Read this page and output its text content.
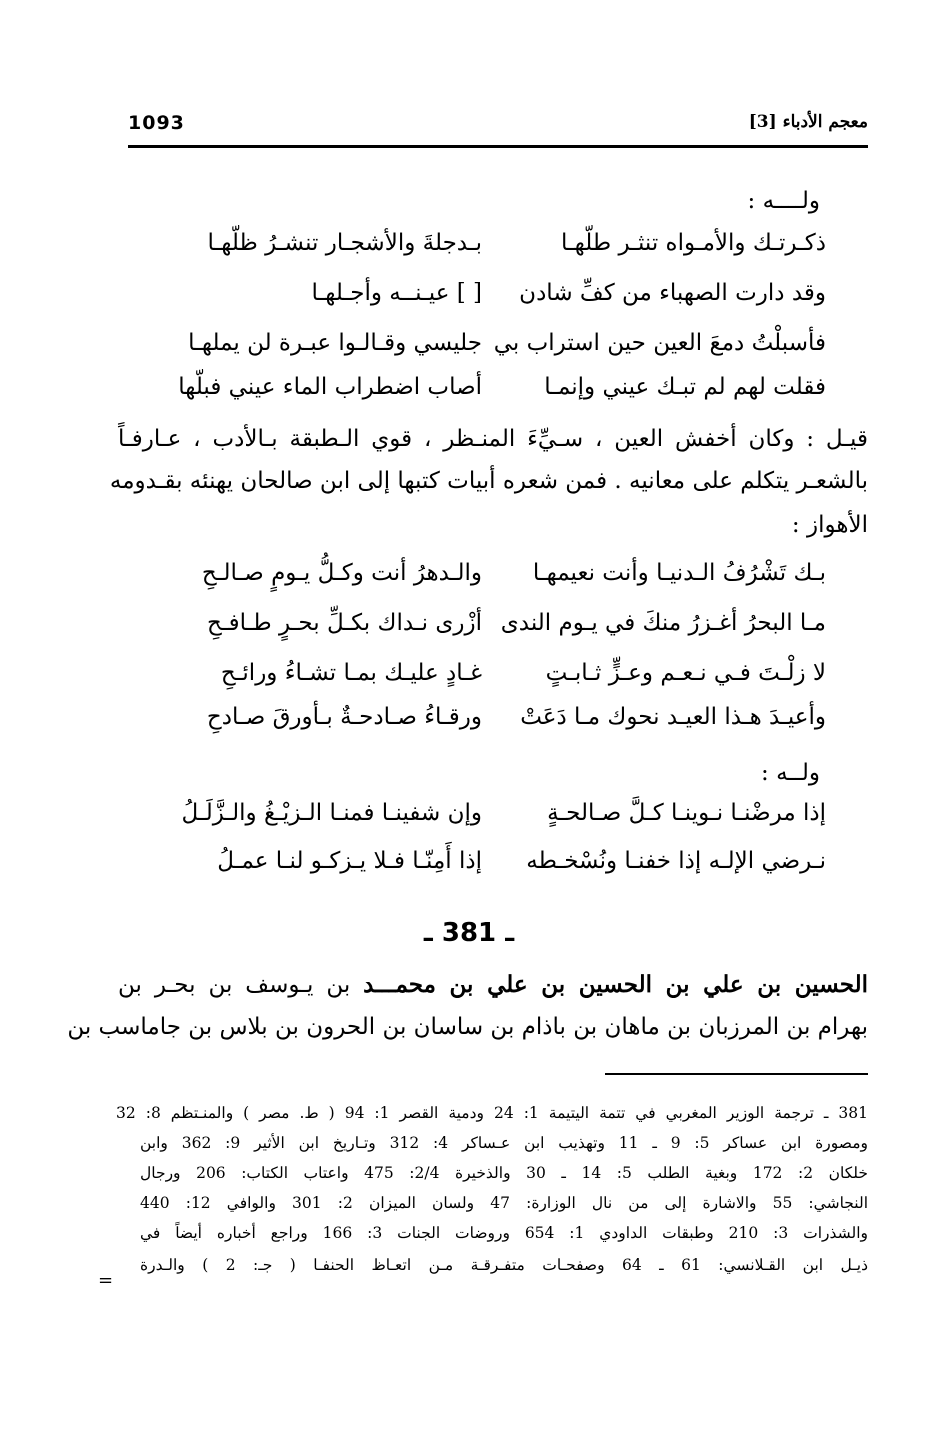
1093	معجم الأدباء [3]
ولــــه :
ذكـرتـك والأمـواه تنثـر طلّهـا
بـدجلةَ والأشجـار تنشـرُ ظلّهـا
وقد دارت الصهباء من كفِّ شادن
[ ] عيـنــه وأجـلهـا
فأسبلْتُ دمعَ العين حين استراب بي
جليسي وقـالـوا عبـرة لن يملهـا
فقلت لهم لم تبـك عيني وإنمـا
أصاب اضطراب الماء عيني فبلّها
قيـل : وكان أخفش العين ، سـيِّءَ المنـظر ، قوي الـطبقة بـالأدب ، عـارفـاً
بالشعـر يتكلم على معانيه . فمن شعره أبيات كتبها إلى ابن صالحان يهنئه بقـدومه
الأهواز :
بـك تَشْرُفُ الـدنيـا وأنت نعيمهـا
والـدهرُ أنت وكـلُّ يـومٍ صـالـحِ
مـا البحرُ أغـزرُ منكَ في يـوم الندى
أزْرى نـداك بكـلِّ بحـرٍ طـافـحِ
لا زلْـتَ فـي نـعـم وعـزٍّ ثـابـتٍ
غـادٍ عليـك بمـا تشـاءُ ورائـحِ
وأعيـدَ هـذا العيـد نحوك مـا دَعَتْ
ورقـاءُ صـادحـةٌ بـأورقَ صـادحِ
ولــه :
إذا مرضْنـا نـوينـا كـلَّ صـالحـةٍ
وإن شفينـا فمنـا الـزيْـغُ والـزَّلَـلُ
نـرضي الإلـه إذا خفنـا ونُسْخـطه
إذا أَمِنّـا فـلا يـزكـو لنـا عمـلُ
ـ 381 ـ
الحسين بن علي بن الحسين بن علي بن محمـــد بن يـوسف بن بحـر بن
بهرام بن المرزبان بن ماهان بن باذام بن ساسان بن الحرون بن بلاس بن جاماسب بن
381 ـ ترجمة الوزير المغربي في تتمة اليتيمة 1: 24 ودمية القصر 1: 94 ( ط. مصر ) والمنـتظم 8: 32
ومصورة ابن عساكر 5: 9 ـ 11 وتهذيب ابن عـساكر 4: 312 وتـاريخ ابن الأثير 9: 362 وابن
خلكان 2: 172 وبغية الطلب 5: 14 ـ 30 والذخيرة 2/4: 475 واعتاب الكتاب: 206 ورجال
النجاشي: 55 والاشارة إلى من نال الوزارة: 47 ولسان الميزان 2: 301 والوافي 12: 440
والشذرات 3: 210 وطبقات الداودي 1: 654 وروضات الجنات 3: 166 وراجع أخباره أيضاً في
ذيـل ابن القـلانسي: 61 ـ 64 وصفحـات متفـرقـة مـن اتعـاظ الحنفـا ( جـ: 2 ) والـدرة
=
